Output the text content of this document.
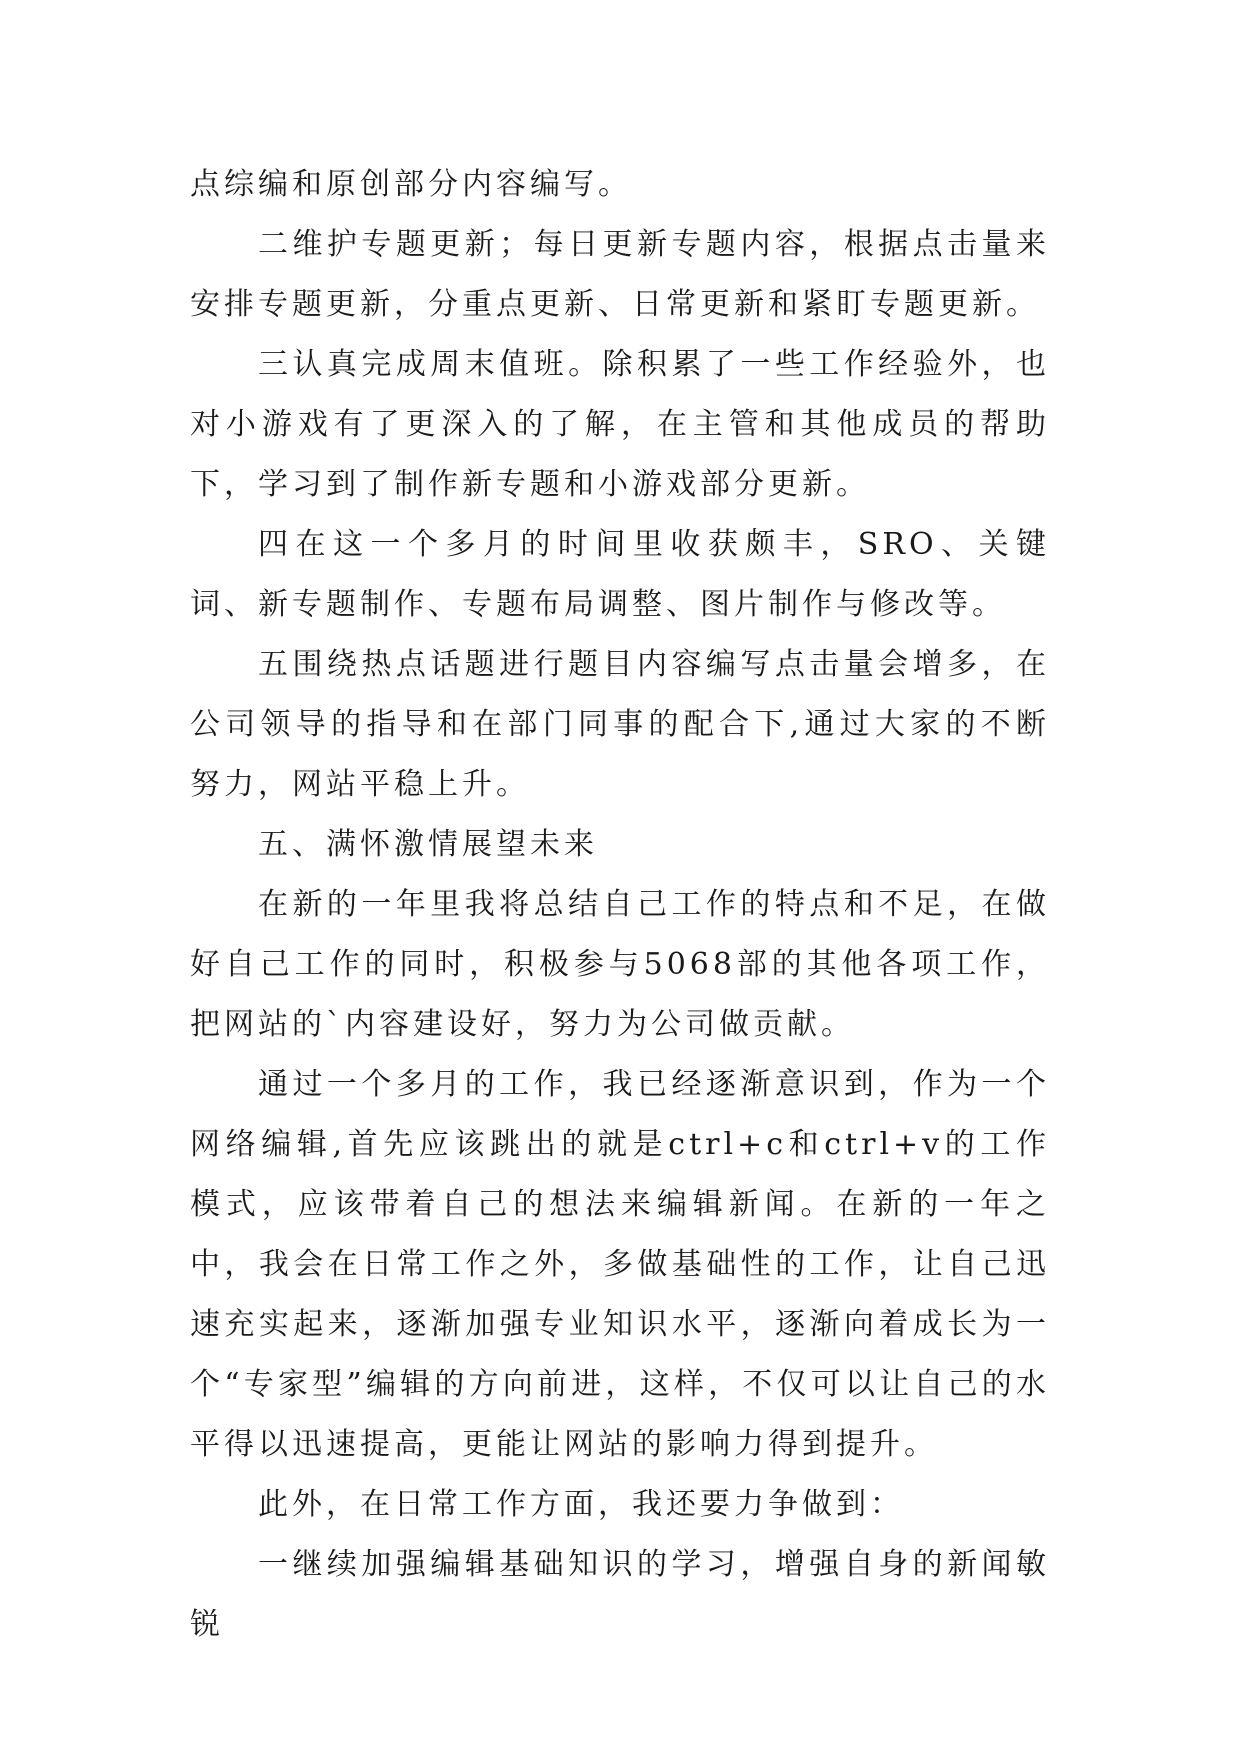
点综编和原创部分内容编写。

二维护专题更新；每日更新专题内容，根据点击量来安排专题更新，分重点更新、日常更新和紧盯专题更新。

三认真完成周末值班。除积累了一些工作经验外，也对小游戏有了更深入的了解，在主管和其他成员的帮助下，学习到了制作新专题和小游戏部分更新。

四在这一个多月的时间里收获颇丰，SRO、关键词、新专题制作、专题布局调整、图片制作与修改等。

五围绕热点话题进行题目内容编写点击量会增多，在公司领导的指导和在部门同事的配合下,通过大家的不断努力，网站平稳上升。

五、满怀激情展望未来

在新的一年里我将总结自己工作的特点和不足，在做好自己工作的同时，积极参与5068部的其他各项工作，把网站的`内容建设好，努力为公司做贡献。

通过一个多月的工作，我已经逐渐意识到，作为一个网络编辑,首先应该跳出的就是ctrl+c和ctrl+v的工作模式，应该带着自己的想法来编辑新闻。在新的一年之中，我会在日常工作之外，多做基础性的工作，让自己迅速充实起来，逐渐加强专业知识水平，逐渐向着成长为一个“专家型”编辑的方向前进，这样，不仅可以让自己的水平得以迅速提高，更能让网站的影响力得到提升。

此外，在日常工作方面，我还要力争做到：

一继续加强编辑基础知识的学习，增强自身的新闻敏锐
